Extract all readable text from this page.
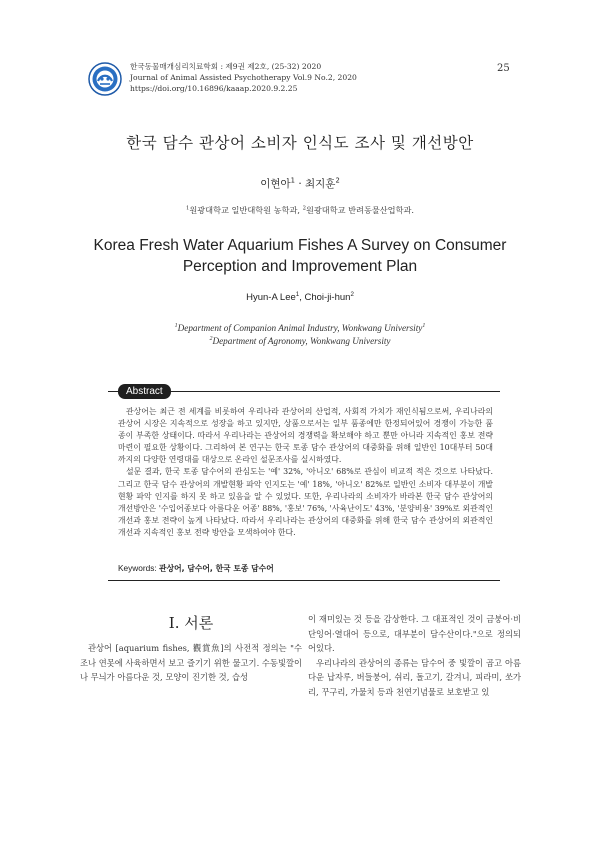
한국동물매개심리치료학회 : 제9권 제2호, (25-32) 2020
Journal of Animal Assisted Psychotherapy Vol.9 No.2, 2020
https://doi.org/10.16896/kaaap.2020.9.2.25
25
한국 담수 관상어 소비자 인식도 조사 및 개선방안
이현아$^1$ · 최지훈$^2$
$^1$원광대학교 일반대학원 농학과, $^2$원광대학교 반려동물산업학과.
Korea Fresh Water Aquarium Fishes A Survey on Consumer
Perception and Improvement Plan
Hyun-A Lee$^1$, Choi-ji-hun$^2$
$^1$Department of Companion Animal Industry, Wonkwang University$^1$
$^2$Department of Agronomy, Wonkwang University
Abstract

관상어는 최근 전 세계를 비롯하여 우리나라 관상어의 산업적, 사회적 가치가 재인식됨으로써, 우리나라의 관상어 시장은 지속적으로 성장을 하고 있지만, 상품으로서는 일부 품종에만 한정되어있어 경쟁이 가능한 품종이 부족한 상태이다. 따라서 우리나라는 관상어의 경쟁력을 확보해야 하고 뿐만 아니라 지속적인 홍보 전략 마련이 필요한 상황이다. 그리하여 본 연구는 한국 토종 담수 관상어의 대중화를 위해 일반인 10대부터 50대까지의 다양한 연령대를 대상으로 온라인 설문조사를 실시하였다.

설문 결과, 한국 토종 담수어의 관심도는 '예' 32%, '아니오' 68%로 관심이 비교적 적은 것으로 나타났다. 그리고 한국 담수 관상어의 개발현황 파악 인지도는 '예' 18%, '아니오' 82%로 일반인 소비자 대부분이 개발현황 파악 인지를 하지 못 하고 있음을 알 수 있었다. 또한, 우리나라의 소비자가 바라본 한국 담수 관상어의 개선방안은 '수입어종보다 아름다운 어종' 88%, '홍보' 76%, '사육난이도' 43%, '분양비용' 39%로 외관적인 개선과 홍보 전략이 높게 나타났다. 따라서 우리나라는 관상어의 대중화를 위해 한국 담수 관상어의 외관적인 개선과 지속적인 홍보 전략 방안을 모색하여야 한다.

Keywords: 관상어, 담수어, 한국 토종 담수어
Ⅰ. 서론

관상어 [aquarium fishes, 觀賞魚]의 사전적 정의는 "수조나 연못에 사육하면서 보고 즐기기 위한 물고기. 수동빛깔이나 무늬가 아름다운 것, 모양이 진기한 것, 습성

이 재미있는 것 등을 감상한다. 그 대표적인 것이 금붕어·비단잉어·열대어 등으로, 대부분이 담수산이다."으로 정의되어있다.

우리나라의 관상어의 종류는 담수어 중 빛깔이 곱고 아름다운 납자루, 버들붕어, 쉬리, 돌고기, 갈겨니, 피라미, 쏘가리, 꾸구리, 가물치 등과 천연기념물로 보호받고 있
